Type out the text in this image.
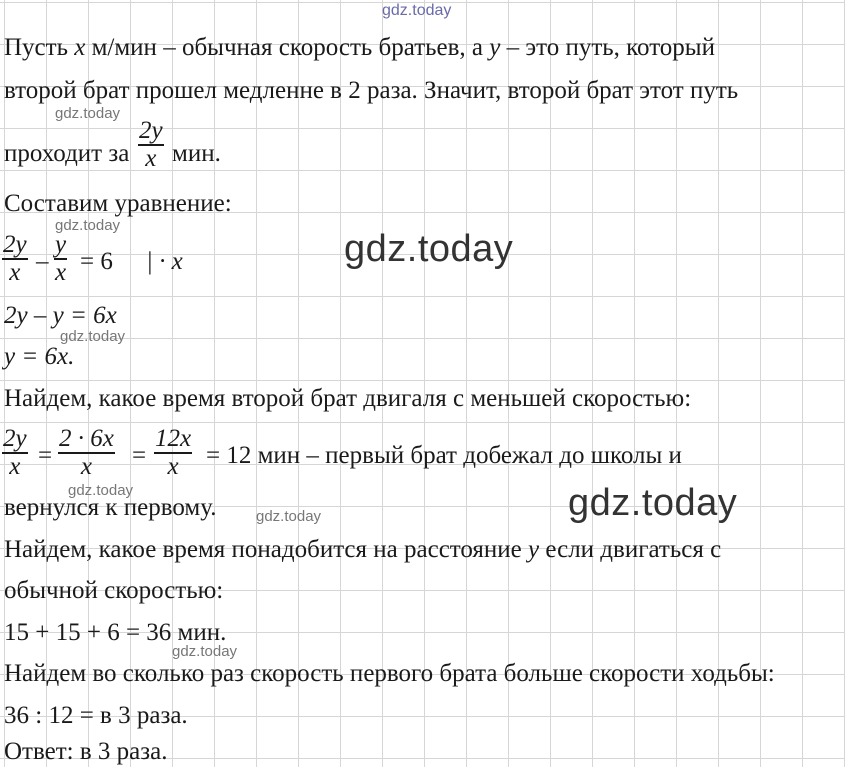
gdz.today
gdz.today
gdz.today
gdz.today
gdz.today
gdz.today
gdz.today
gdz.today
gdz.today
Пусть x м/мин – обычная скорость братьев, а y – это путь, который
второй брат прошел медленне в 2 раза. Значит, второй брат этот путь
проходит за
2y
x мин.
Составим уравнение:
2y
x –
y
x = 6 | · x
2y – y = 6x
y = 6x.
Найдем, какое время второй брат двигаля с меньшей скоростью:
2y
x =
2 · 6x
x	=
12x
x	= 12 мин – первый брат добежал до школы и
вернулся к первому.
Найдем, какое время понадобится на расстояние y если двигаться с
обычной скоростью:
15 + 15 + 6 = 36 мин.
Найдем во сколько раз скорость первого брата больше скорости ходьбы:
36 : 12 = в 3 раза.
Ответ: в 3 раза.
